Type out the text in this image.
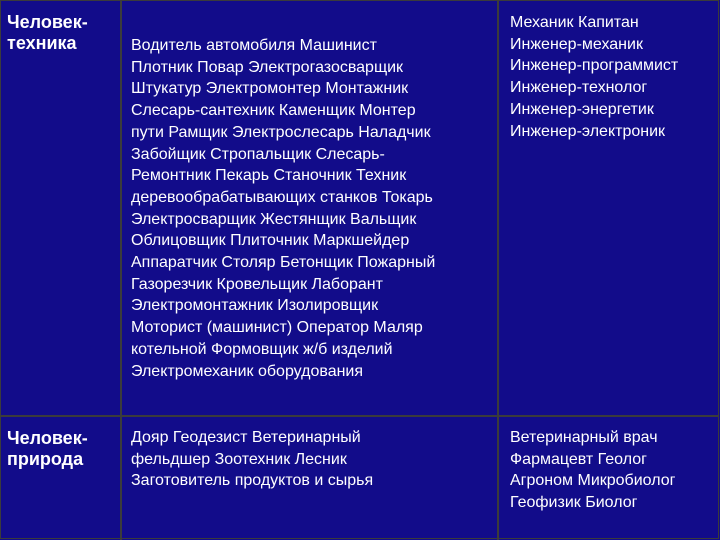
Человек-
техника	Водитель автомобиля Машинист
Плотник Повар Электрогазосварщик
Штукатур Электромонтер Монтажник
Слесарь-сантехник Каменщик Монтер
пути Рамщик Электрослесарь Наладчик
Забойщик Стропальщик Слесарь-
Ремонтник Пекарь Станочник Техник
деревообрабатывающих станков Токарь
Электросварщик Жестянщик Вальщик
Облицовщик Плиточник Маркшейдер
Аппаратчик Столяр Бетонщик Пожарный
Газорезчик Кровельщик Лаборант
Электромонтажник Изолировщик
Моторист (машинист) Оператор Маляр
котельной Формовщик ж/б изделий
Электромеханик оборудования

Механик Капитан
Инженер-механик
Инженер-программист
Инженер-технолог
Инженер-энергетик
Инженер-электроник

Человек-
природа

Дояр Геодезист Ветеринарный
фельдшер Зоотехник Лесник
Заготовитель продуктов и сырья

Ветеринарный врач
Фармацевт Геолог
Агроном Микробиолог
Геофизик Биолог
